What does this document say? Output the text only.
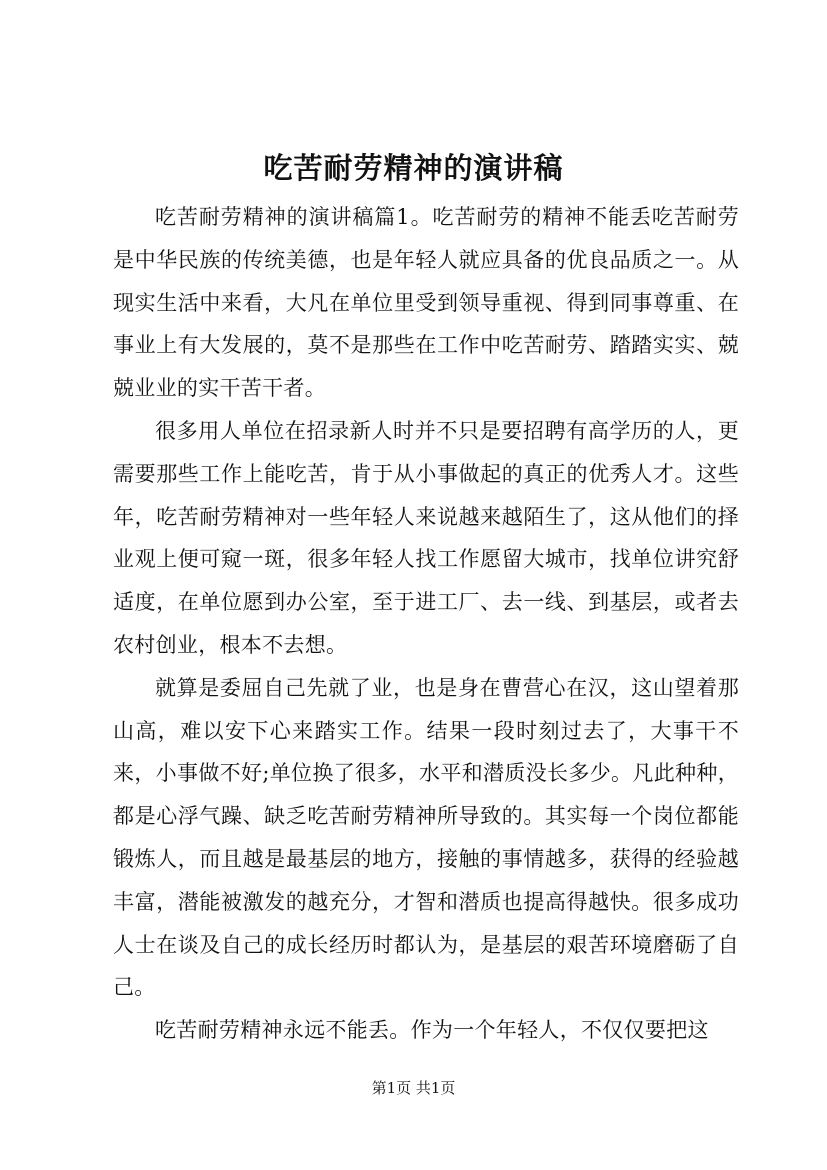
吃苦耐劳精神的演讲稿

吃苦耐劳精神的演讲稿篇1。吃苦耐劳的精神不能丢吃苦耐劳是中华民族的传统美德，也是年轻人就应具备的优良品质之一。从现实生活中来看，大凡在单位里受到领导重视、得到同事尊重、在事业上有大发展的，莫不是那些在工作中吃苦耐劳、踏踏实实、兢兢业业的实干苦干者。

很多用人单位在招录新人时并不只是要招聘有高学历的人，更需要那些工作上能吃苦，肯于从小事做起的真正的优秀人才。这些年，吃苦耐劳精神对一些年轻人来说越来越陌生了，这从他们的择业观上便可窥一斑，很多年轻人找工作愿留大城市，找单位讲究舒适度，在单位愿到办公室，至于进工厂、去一线、到基层，或者去农村创业，根本不去想。

就算是委屈自己先就了业，也是身在曹营心在汉，这山望着那山高，难以安下心来踏实工作。结果一段时刻过去了，大事干不来，小事做不好;单位换了很多，水平和潜质没长多少。凡此种种，都是心浮气躁、缺乏吃苦耐劳精神所导致的。其实每一个岗位都能锻炼人，而且越是最基层的地方，接触的事情越多，获得的经验越丰富，潜能被激发的越充分，才智和潜质也提高得越快。很多成功人士在谈及自己的成长经历时都认为，是基层的艰苦环境磨砺了自己。

吃苦耐劳精神永远不能丢。作为一个年轻人，不仅仅要把这

第1页 共1页
